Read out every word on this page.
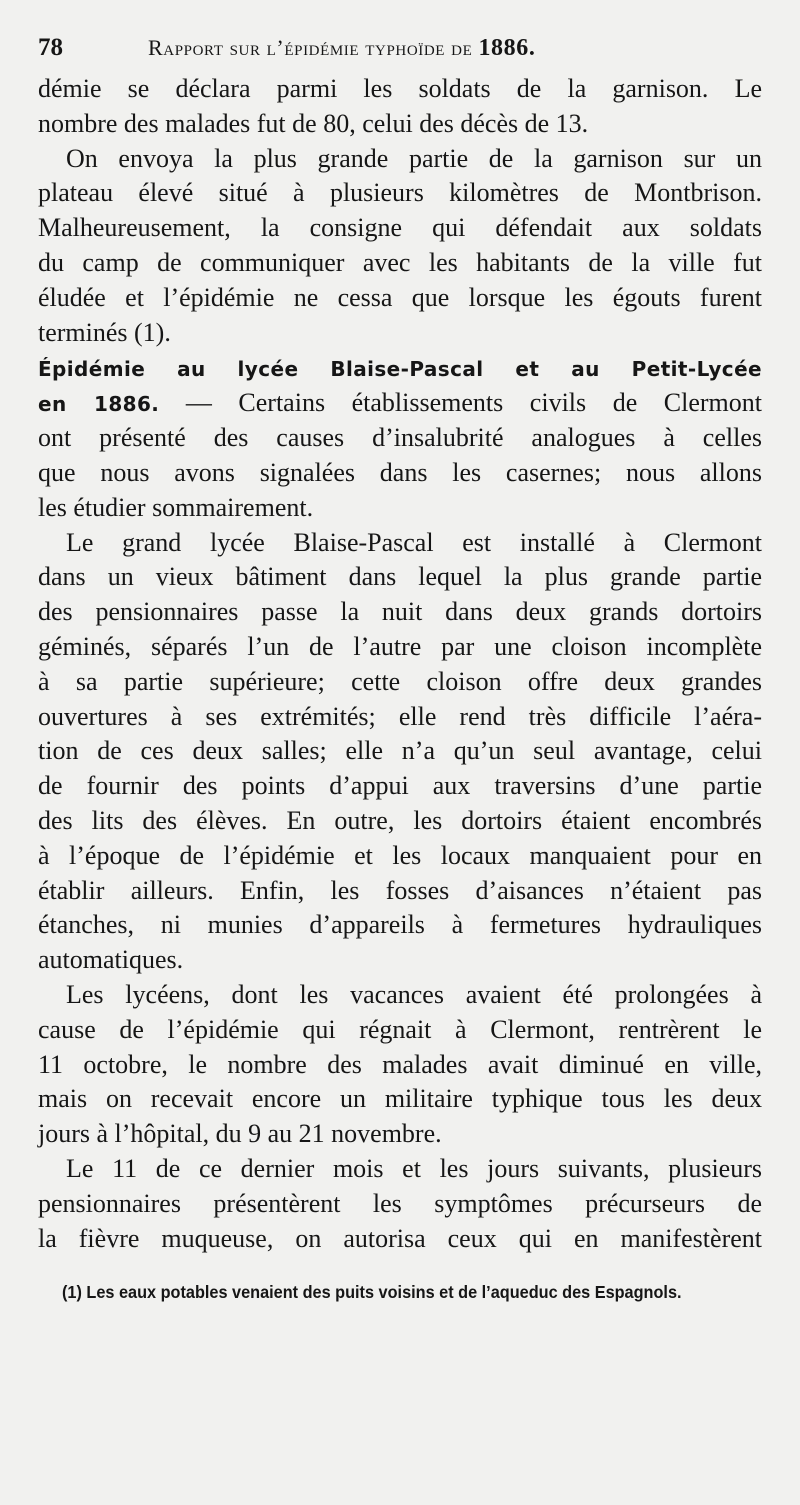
78	Rapport sur l’épidémie typhoïde de 1886.
démie se déclara parmi les soldats de la garnison. Le
nombre des malades fut de 80, celui des décès de 13.
On envoya la plus grande partie de la garnison sur un
plateau élevé situé à plusieurs kilomètres de Montbrison.
Malheureusement, la consigne qui défendait aux soldats
du camp de communiquer avec les habitants de la ville fut
éludée et l’épidémie ne cessa que lorsque les égouts furent
terminés (1).
Épidémie au lycée Blaise-Pascal et au Petit-Lycée
en 1886. — Certains établissements civils de Clermont
ont présenté des causes d’insalubrité analogues à celles
que nous avons signalées dans les casernes; nous allons
les étudier sommairement.
Le grand lycée Blaise-Pascal est installé à Clermont
dans un vieux bâtiment dans lequel la plus grande partie
des pensionnaires passe la nuit dans deux grands dortoirs
géminés, séparés l’un de l’autre par une cloison incomplète
à sa partie supérieure; cette cloison offre deux grandes
ouvertures à ses extrémités; elle rend très difficile l’aéra-
tion de ces deux salles; elle n’a qu’un seul avantage, celui
de fournir des points d’appui aux traversins d’une partie
des lits des élèves. En outre, les dortoirs étaient encombrés
à l’époque de l’épidémie et les locaux manquaient pour en
établir ailleurs. Enfin, les fosses d’aisances n’étaient pas
étanches, ni munies d’appareils à fermetures hydrauliques
automatiques.
Les lycéens, dont les vacances avaient été prolongées à
cause de l’épidémie qui régnait à Clermont, rentrèrent le
11 octobre, le nombre des malades avait diminué en ville,
mais on recevait encore un militaire typhique tous les deux
jours à l’hôpital, du 9 au 21 novembre.
Le 11 de ce dernier mois et les jours suivants, plusieurs
pensionnaires présentèrent les symptômes précurseurs de
la fièvre muqueuse, on autorisa ceux qui en manifestèrent
(1) Les eaux potables venaient des puits voisins et de l’aqueduc des Espagnols.
